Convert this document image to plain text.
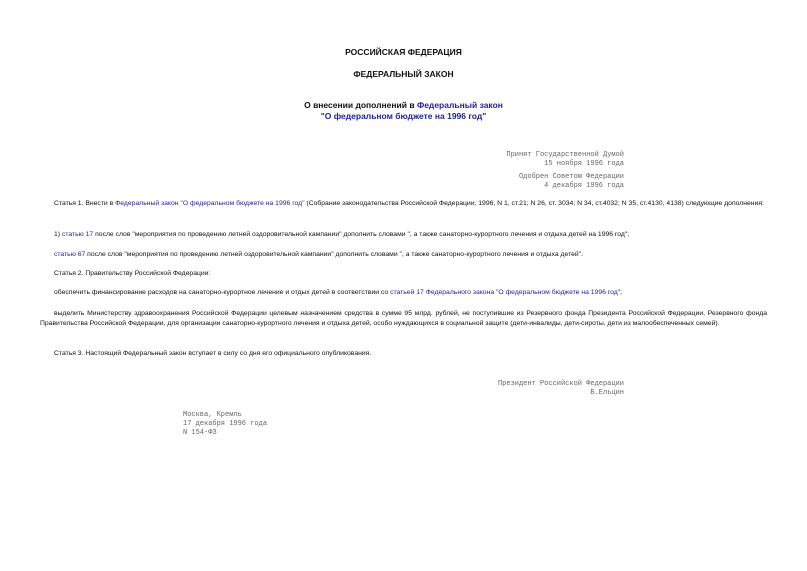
РОССИЙСКАЯ ФЕДЕРАЦИЯ
ФЕДЕРАЛЬНЫЙ ЗАКОН
О внесении дополнений в Федеральный закон
"О федеральном бюджете на 1996 год"
Принят Государственной Думой
15 ноября 1996 года
Одобрен Советом Федерации
4 декабря 1996 года
Статья 1. Внести в Федеральный закон "О федеральном бюджете на 1996 год" (Собрание законодательства Российской Федерации, 1996, N 1, ст.21; N 26, ст. 3034; N 34, ст.4032; N 35, ст.4130, 4138) следующие дополнения:
1) статью 17 после слов "мероприятия по проведению летней оздоровительной кампании" дополнить словами ", а также санаторно-курортного лечения и отдыха детей на 1996 год";
статью 67 после слов "мероприятия по проведению летней оздоровительной кампании" дополнить словами ", а также санаторно-курортного лечения и отдыха детей".
Статья 2. Правительству Российской Федерации:
обеспечить финансирование расходов на санаторно-курортное лечение и отдых детей в соответствии со статьей 17 Федерального закона "О федеральном бюджете на 1996 год";
выделить Министерству здравоохранения Российской Федерации целевым назначением средства в сумме 95 млрд. рублей, не поступившие из Резервного фонда Президента Российской Федерации, Резервного фонда Правительства Российской Федерации, для организации санаторно-курортного лечения и отдыха детей, особо нуждающихся в социальной защите (дети-инвалиды, дети-сироты, дети из малообеспеченных семей).
Статья 3. Настоящий Федеральный закон вступает в силу со дня его официального опубликования.
Президент Российской Федерации
Б.Ельцин
Москва, Кремль
17 декабря 1996 года
N 154-ФЗ
